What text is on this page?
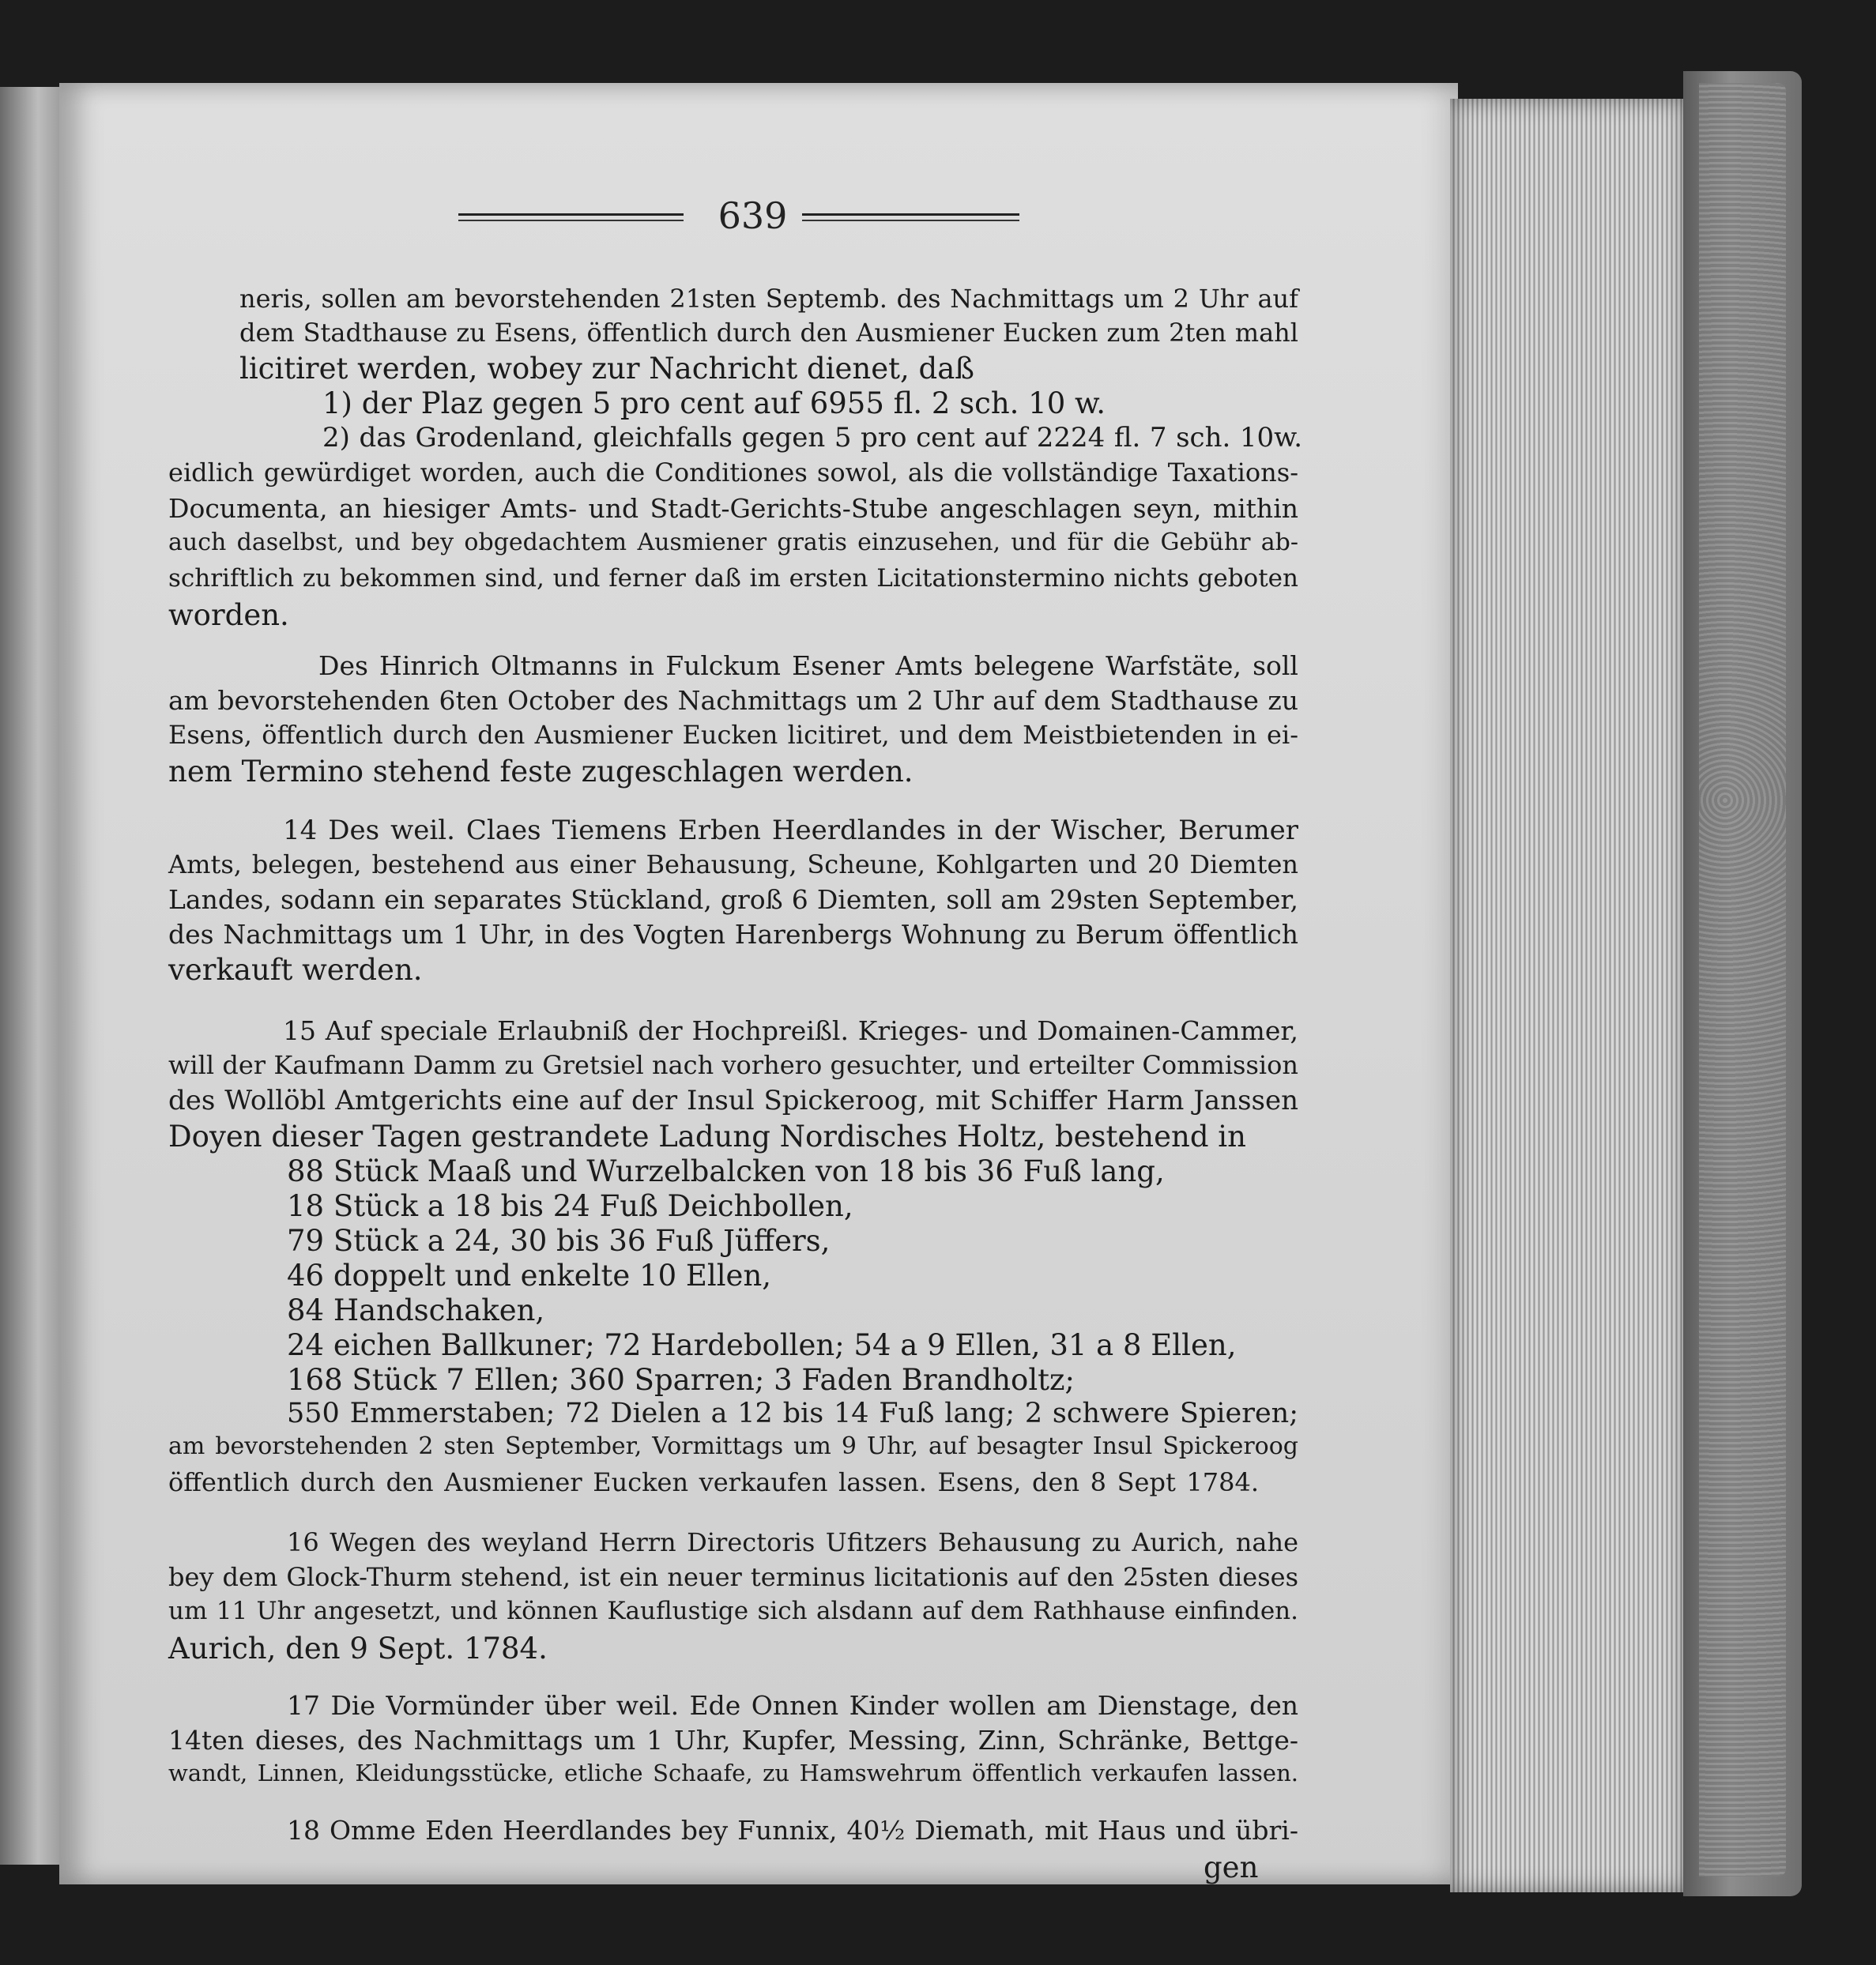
639
neris, sollen am bevorstehenden 21sten Septemb. des Nachmittags um 2 Uhr auf
dem Stadthause zu Esens, öffentlich durch den Ausmiener Eucken zum 2ten mahl
licitiret werden, wobey zur Nachricht dienet, daß
1) der Plaz gegen 5 pro cent auf 6955 fl. 2 sch. 10 w.
2) das Grodenland, gleichfalls gegen 5 pro cent auf 2224 fl. 7 sch. 10w.
eidlich gewürdiget worden, auch die Conditiones sowol, als die vollständige Taxations-
Documenta, an hiesiger Amts- und Stadt-Gerichts-Stube angeschlagen seyn, mithin
auch daselbst, und bey obgedachtem Ausmiener gratis einzusehen, und für die Gebühr ab-
schriftlich zu bekommen sind, und ferner daß im ersten Licitationstermino nichts geboten
worden.
Des Hinrich Oltmanns in Fulckum Esener Amts belegene Warfstäte, soll
am bevorstehenden 6ten October des Nachmittags um 2 Uhr auf dem Stadthause zu
Esens, öffentlich durch den Ausmiener Eucken licitiret, und dem Meistbietenden in ei-
nem Termino stehend feste zugeschlagen werden.
14 Des weil. Claes Tiemens Erben Heerdlandes in der Wischer, Berumer
Amts, belegen, bestehend aus einer Behausung, Scheune, Kohlgarten und 20 Diemten
Landes, sodann ein separates Stückland, groß 6 Diemten, soll am 29sten September,
des Nachmittags um 1 Uhr, in des Vogten Harenbergs Wohnung zu Berum öffentlich
verkauft werden.
15 Auf speciale Erlaubniß der Hochpreißl. Krieges- und Domainen-Cammer,
will der Kaufmann Damm zu Gretsiel nach vorhero gesuchter, und erteilter Commission
des Wollöbl Amtgerichts eine auf der Insul Spickeroog, mit Schiffer Harm Janssen
Doyen dieser Tagen gestrandete Ladung Nordisches Holtz, bestehend in
88 Stück Maaß und Wurzelbalcken von 18 bis 36 Fuß lang,
18 Stück a 18 bis 24 Fuß Deichbollen,
79 Stück a 24, 30 bis 36 Fuß Jüffers,
46 doppelt und enkelte 10 Ellen,
84 Handschaken,
24 eichen Ballkuner; 72 Hardebollen; 54 a 9 Ellen, 31 a 8 Ellen,
168 Stück 7 Ellen; 360 Sparren; 3 Faden Brandholtz;
550 Emmerstaben; 72 Dielen a 12 bis 14 Fuß lang; 2 schwere Spieren;
am bevorstehenden 2 sten September, Vormittags um 9 Uhr, auf besagter Insul Spickeroog
öffentlich durch den Ausmiener Eucken verkaufen lassen. Esens, den 8 Sept 1784.
16 Wegen des weyland Herrn Directoris Ufitzers Behausung zu Aurich, nahe
bey dem Glock-Thurm stehend, ist ein neuer terminus licitationis auf den 25sten dieses
um 11 Uhr angesetzt, und können Kauflustige sich alsdann auf dem Rathhause einfinden.
Aurich, den 9 Sept. 1784.
17 Die Vormünder über weil. Ede Onnen Kinder wollen am Dienstage, den
14ten dieses, des Nachmittags um 1 Uhr, Kupfer, Messing, Zinn, Schränke, Bettge-
wandt, Linnen, Kleidungsstücke, etliche Schaafe, zu Hamswehrum öffentlich verkaufen lassen.
18 Omme Eden Heerdlandes bey Funnix, 40½ Diemath, mit Haus und übri-
gen
